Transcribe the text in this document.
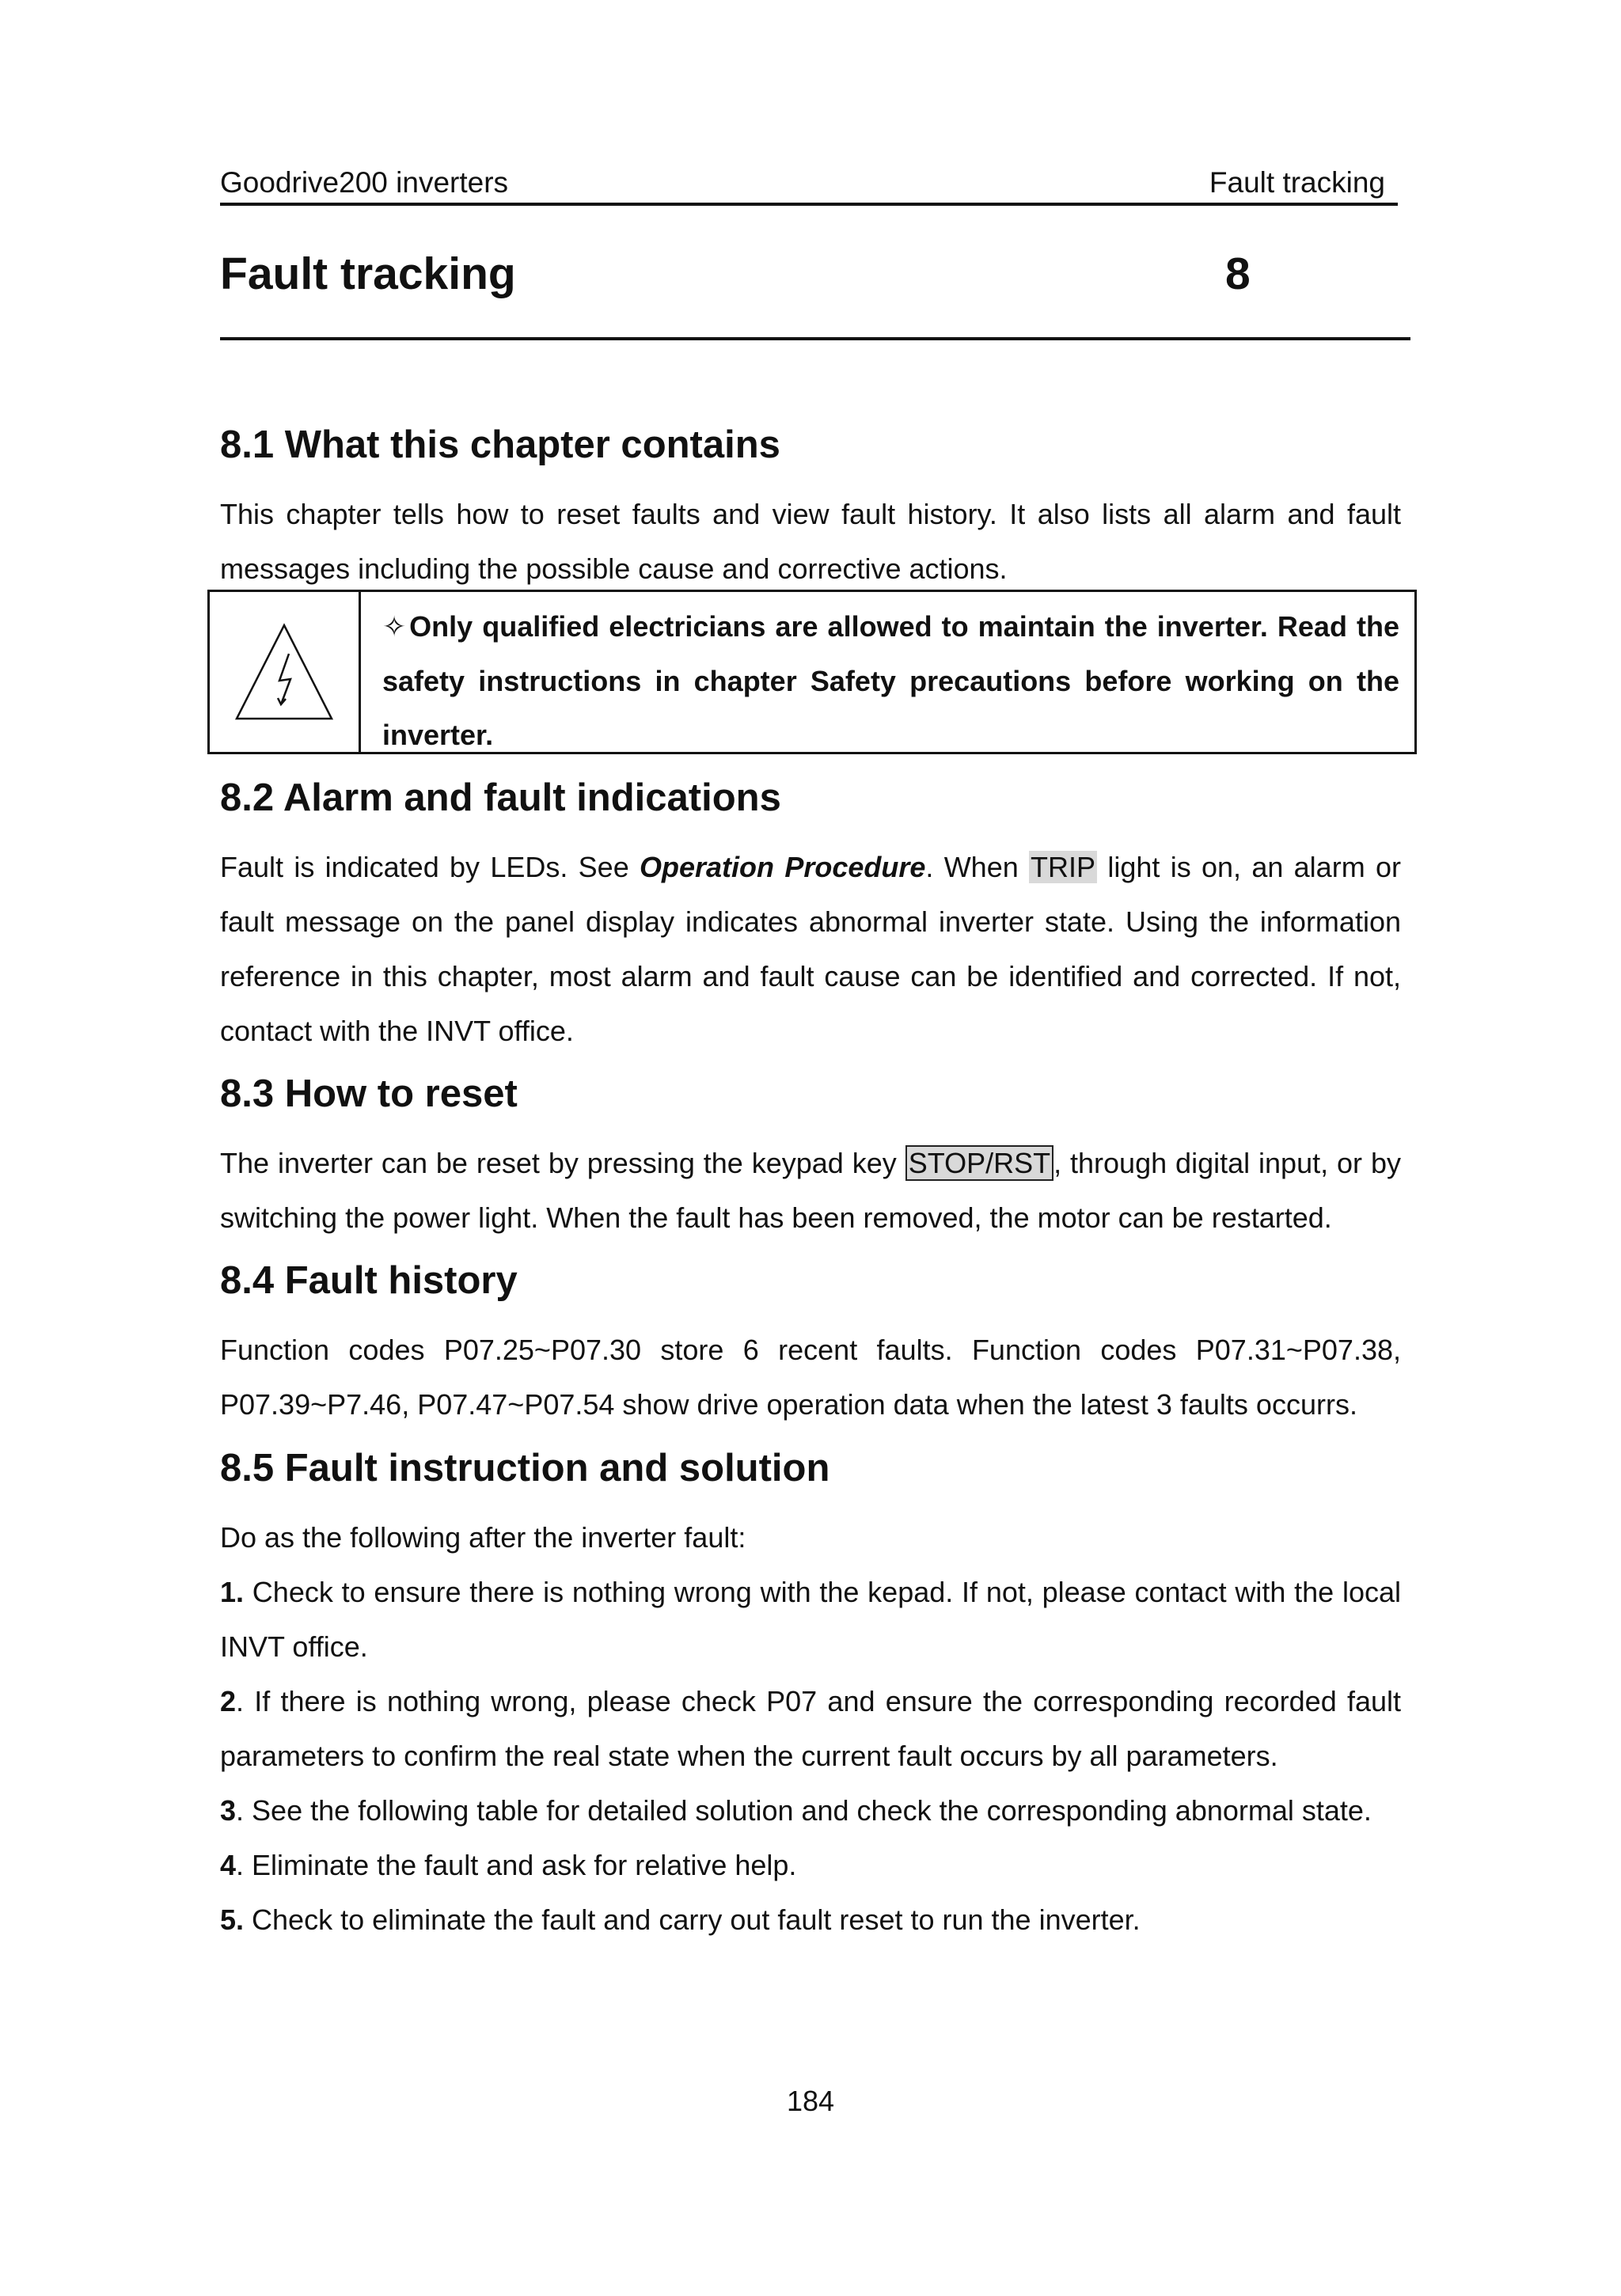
Goodrive200 inverters	Fault tracking
Fault tracking	8
8.1 What this chapter contains
This chapter tells how to reset faults and view fault history. It also lists all alarm and fault
messages including the possible cause and corrective actions.
✧ Only qualified electricians are allowed to maintain the inverter. Read the safety instructions in chapter Safety precautions before working on the inverter.
8.2 Alarm and fault indications
Fault is indicated by LEDs. See Operation Procedure. When TRIP light is on, an alarm or
fault message on the panel display indicates abnormal inverter state. Using the information
reference in this chapter, most alarm and fault cause can be identified and corrected. If not,
contact with the INVT office.
8.3 How to reset
The inverter can be reset by pressing the keypad key STOP/RST , through digital input, or by
switching the power light. When the fault has been removed, the motor can be restarted.
8.4 Fault history
Function codes P07.25~P07.30 store 6 recent faults. Function codes P07.31~P07.38,
P07.39~P7.46, P07.47~P07.54 show drive operation data when the latest 3 faults occurrs.
8.5 Fault instruction and solution
Do as the following after the inverter fault:
1. Check to ensure there is nothing wrong with the kepad. If not, please contact with the local
INVT office.
2. If there is nothing wrong, please check P07 and ensure the corresponding recorded fault
parameters to confirm the real state when the current fault occurs by all parameters.
3. See the following table for detailed solution and check the corresponding abnormal state.
4. Eliminate the fault and ask for relative help.
5. Check to eliminate the fault and carry out fault reset to run the inverter.
184
